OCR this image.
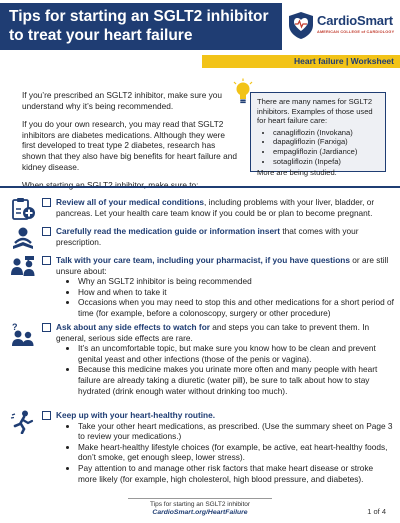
Tips for starting an SGLT2 inhibitor to treat your heart failure
CardioSmart
AMERICAN COLLEGE of CARDIOLOGY
Heart failure | Worksheet

If you’re prescribed an SGLT2 inhibitor, make sure you understand why it’s being recommended.

If you do your own research, you may read that SGLT2 inhibitors are diabetes medications. Although they were first developed to treat type 2 diabetes, research has shown that they also have big benefits for heart failure and kidney disease.

There are many names for SGLT2 inhibitors. Examples of those used for heart failure care:
• canagliflozin (Invokana)
• dapagliflozin (Farxiga)
• empagliflozin (Jardiance)
• sotagliflozin (Inpefa)
More are being studied.
Review all of your medical conditions, including problems with your liver, bladder, or pancreas. Let your health care team know if you could be or plan to become pregnant.
Carefully read the medication guide or information insert that comes with your prescription.
Talk with your care team, including your pharmacist, if you have questions or are still unsure about:
• Why an SGLT2 inhibitor is being recommended
• How and when to take it
• Occasions when you may need to stop this and other medications for a short period of time (for example, before a colonoscopy, surgery or other procedure)
?	Ask about any side effects to watch for and steps you can take to prevent them. In general, serious side effects are rare.
• It’s an uncomfortable topic, but make sure you know how to be clean and prevent genital yeast and other infections (those of the penis or vagina).
• Because this medicine makes you urinate more often and many people with heart failure are already taking a diuretic (water pill), be sure to talk about how to stay hydrated (drink enough water without drinking too much).
Keep up with your heart-healthy routine.
• Take your other heart medications, as prescribed. (Use the summary sheet on Page 3 to review your medications.)
• Make heart-healthy lifestyle choices (for example, be active, eat heart-healthy foods, don’t smoke, get enough sleep, lower stress).
• Pay attention to and manage other risk factors that make heart disease or stroke more likely (for example, high cholesterol, high blood pressure, and diabetes).
Tips for starting an SGLT2 inhibitor
CardioSmart.org/HeartFailure	1 of 4
